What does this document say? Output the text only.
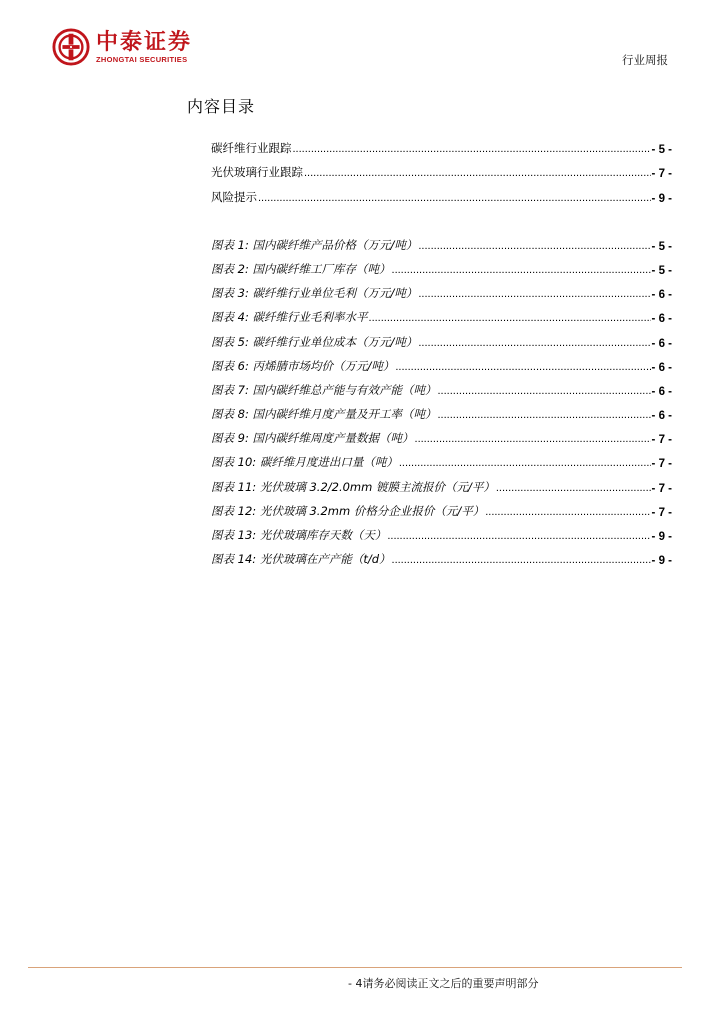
中泰证券
ZHONGTAI SECURITIES	行业周报
内容目录
碳纤维行业跟踪 .....	- 5 -
光伏玻璃行业跟踪 .....	- 7 -
风险提示 .....	- 9 -
图表 1: 国内碳纤维产品价格（万元/吨） .....	- 5 -
图表 2: 国内碳纤维工厂库存（吨） .....	- 5 -
图表 3: 碳纤维行业单位毛利（万元/吨） .....	- 6 -
图表 4: 碳纤维行业毛利率水平 .....	- 6 -
图表 5: 碳纤维行业单位成本（万元/吨） .....	- 6 -
图表 6: 丙烯腈市场均价（万元/吨） .....	- 6 -
图表 7: 国内碳纤维总产能与有效产能（吨） .....	- 6 -
图表 8: 国内碳纤维月度产量及开工率（吨） .....	- 6 -
图表 9: 国内碳纤维周度产量数据（吨） .....	- 7 -
图表 10: 碳纤维月度进出口量（吨） .....	- 7 -
图表 11: 光伏玻璃 3.2/2.0mm 镀膜主流报价（元/平） .....	- 7 -
图表 12: 光伏玻璃 3.2mm 价格分企业报价（元/平） .....	- 7 -
图表 13: 光伏玻璃库存天数（天） .....	- 9 -
图表 14: 光伏玻璃在产产能（t/d） .....	- 9 -
- 4请务必阅读正文之后的重要声明部分
